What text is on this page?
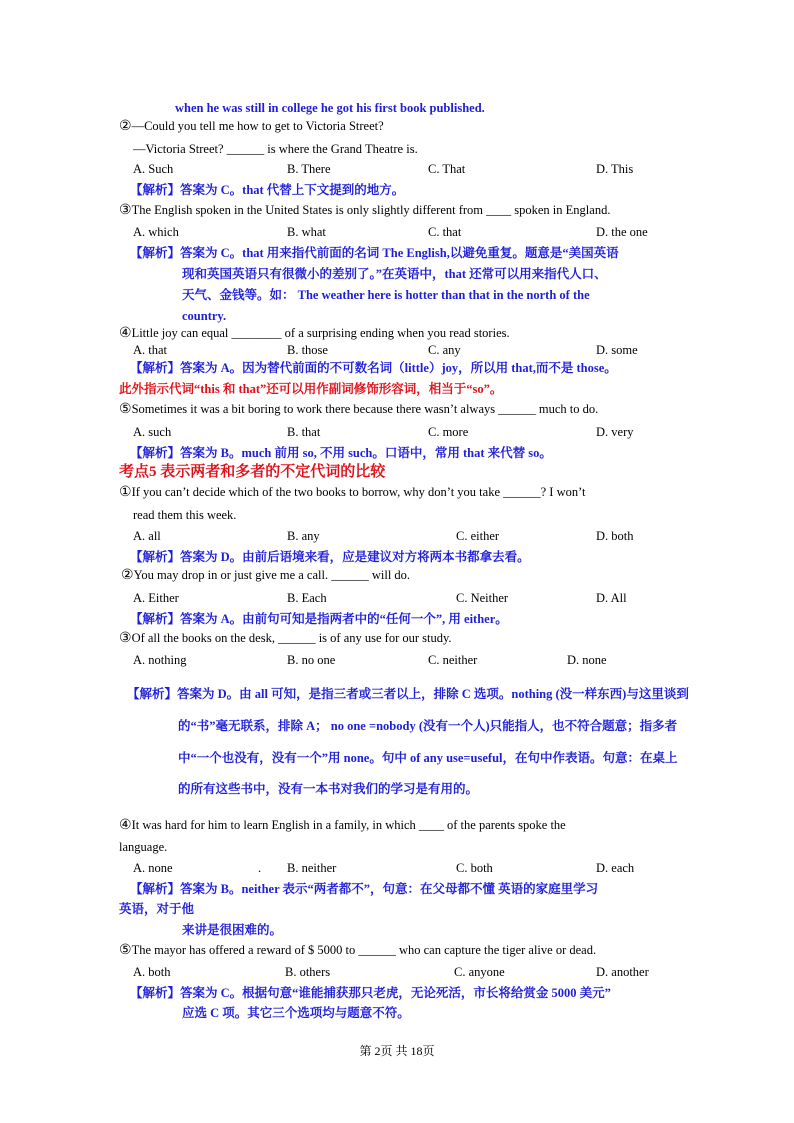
when he was still in college he got his first book published.
②—Could you tell me how to get to Victoria Street?
—Victoria Street? ______ is where the Grand Theatre is.
A. Such	B. There	C. That	D. This
【解析】答案为 C。that 代替上下文提到的地方。
③The English spoken in the United States is only slightly different from ____ spoken in England.
A. which	B. what	C. that	D. the one
【解析】答案为 C。that 用来指代前面的名词 The English,以避免重复。题意是“美国英语
现和英国英语只有很微小的差别了。”在英语中，that 还常可以用来指代人口、
天气、金钱等。如： The weather here is hotter than that in the north of the
country.
④Little joy can equal ________ of a surprising ending when you read stories.
A. that	B. those	C. any	D. some
【解析】答案为 A。因为替代前面的不可数名词（little）joy，所以用 that,而不是 those。
此外指示代词“this 和 that”还可以用作副词修饰形容词，相当于“so”。
⑤Sometimes it was a bit boring to work there because there wasn’t always ______ much to do.
A. such	B. that	C. more	D. very
【解析】答案为 B。much 前用 so, 不用 such。口语中，常用 that 来代替 so。
考点5 表示两者和多者的不定代词的比较
①If you can’t decide which of the two books to borrow, why don’t you take ______? I won’t
read them this week.
A. all	B. any	C. either	D. both
【解析】答案为 D。由前后语境来看，应是建议对方将两本书都拿去看。
②You may drop in or just give me a call. ______ will do.
A. Either	B. Each	C. Neither	D. All
【解析】答案为 A。由前句可知是指两者中的“任何一个”, 用 either。
③Of all the books on the desk, ______ is of any use for our study.
A. nothing	B. no one	C. neither	D. none
【解析】答案为 D。由 all 可知，是指三者或三者以上，排除 C 选项。nothing (没一样东西)与这里谈到
的“书”毫无联系，排除 A； no one =nobody (没有一个人)只能指人，也不符合题意；指多者
中“一个也没有，没有一个”用 none。句中 of any use=useful，在句中作表语。句意：在桌上
的所有这些书中，没有一本书对我们的学习是有用的。
④It was hard for him to learn English in a family, in which ____ of the parents spoke the
language.
A. none	. B. neither	C. both	D. each
【解析】答案为 B。neither 表示“两者都不”，句意：在父母都不懂 英语的家庭里学习
英语，对于他
来讲是很困难的。
⑤The mayor has offered a reward of $ 5000 to ______ who can capture the tiger alive or dead.
A. both	B. others	C. anyone	D. another
【解析】答案为 C。根据句意“谁能捕获那只老虎，无论死活，市长将给赏金 5000 美元”
应选 C 项。其它三个选项均与题意不符。
第 2页 共 18页
